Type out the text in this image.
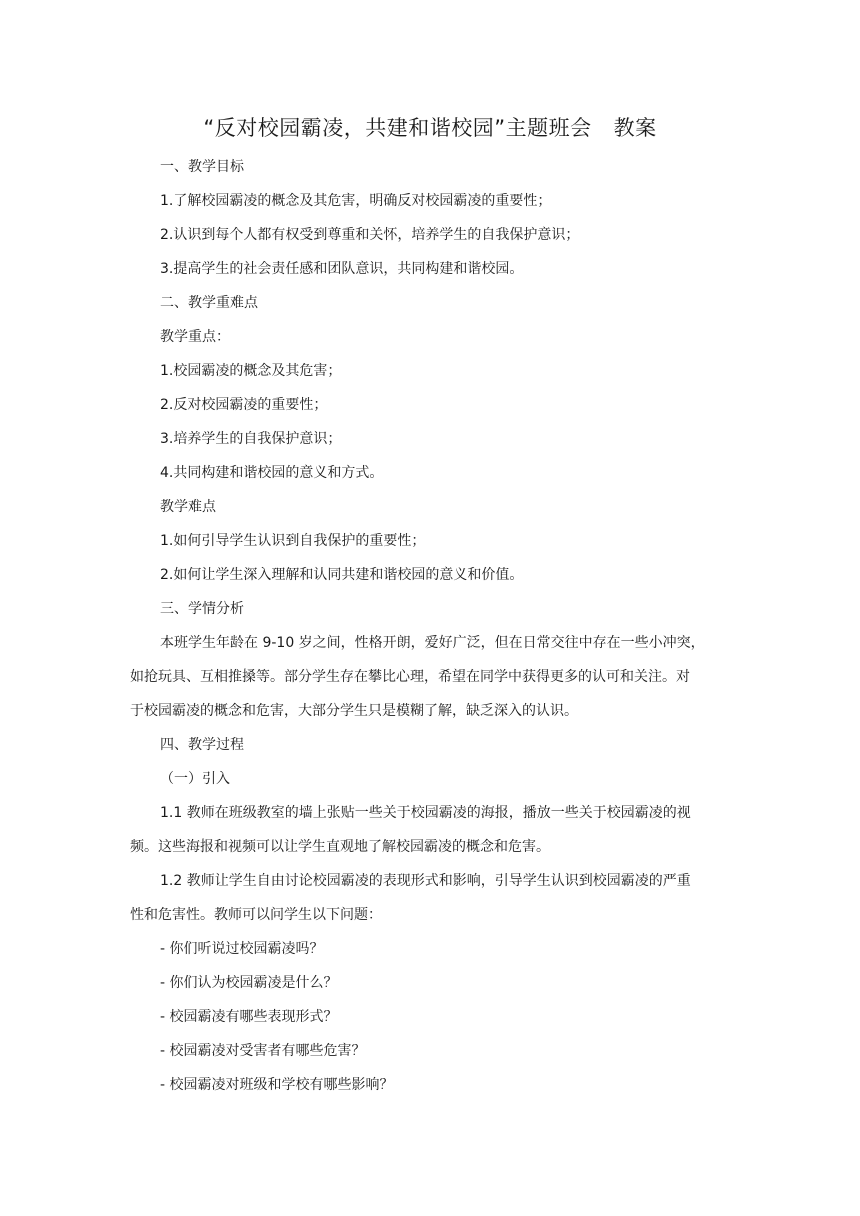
“反对校园霸凌，共建和谐校园”主题班会 教案
一、教学目标
1.了解校园霸凌的概念及其危害，明确反对校园霸凌的重要性；
2.认识到每个人都有权受到尊重和关怀，培养学生的自我保护意识；
3.提高学生的社会责任感和团队意识，共同构建和谐校园。
二、教学重难点
教学重点：
1.校园霸凌的概念及其危害；
2.反对校园霸凌的重要性；
3.培养学生的自我保护意识；
4.共同构建和谐校园的意义和方式。
教学难点
1.如何引导学生认识到自我保护的重要性；
2.如何让学生深入理解和认同共建和谐校园的意义和价值。
三、学情分析
本班学生年龄在 9-10 岁之间，性格开朗，爱好广泛，但在日常交往中存在一些小冲突，
如抢玩具、互相推搡等。部分学生存在攀比心理，希望在同学中获得更多的认可和关注。对
于校园霸凌的概念和危害，大部分学生只是模糊了解，缺乏深入的认识。
四、教学过程
（一）引入
1.1 教师在班级教室的墙上张贴一些关于校园霸凌的海报，播放一些关于校园霸凌的视
频。这些海报和视频可以让学生直观地了解校园霸凌的概念和危害。
1.2 教师让学生自由讨论校园霸凌的表现形式和影响，引导学生认识到校园霸凌的严重
性和危害性。教师可以问学生以下问题：
- 你们听说过校园霸凌吗？
- 你们认为校园霸凌是什么？
- 校园霸凌有哪些表现形式？
- 校园霸凌对受害者有哪些危害？
- 校园霸凌对班级和学校有哪些影响？
